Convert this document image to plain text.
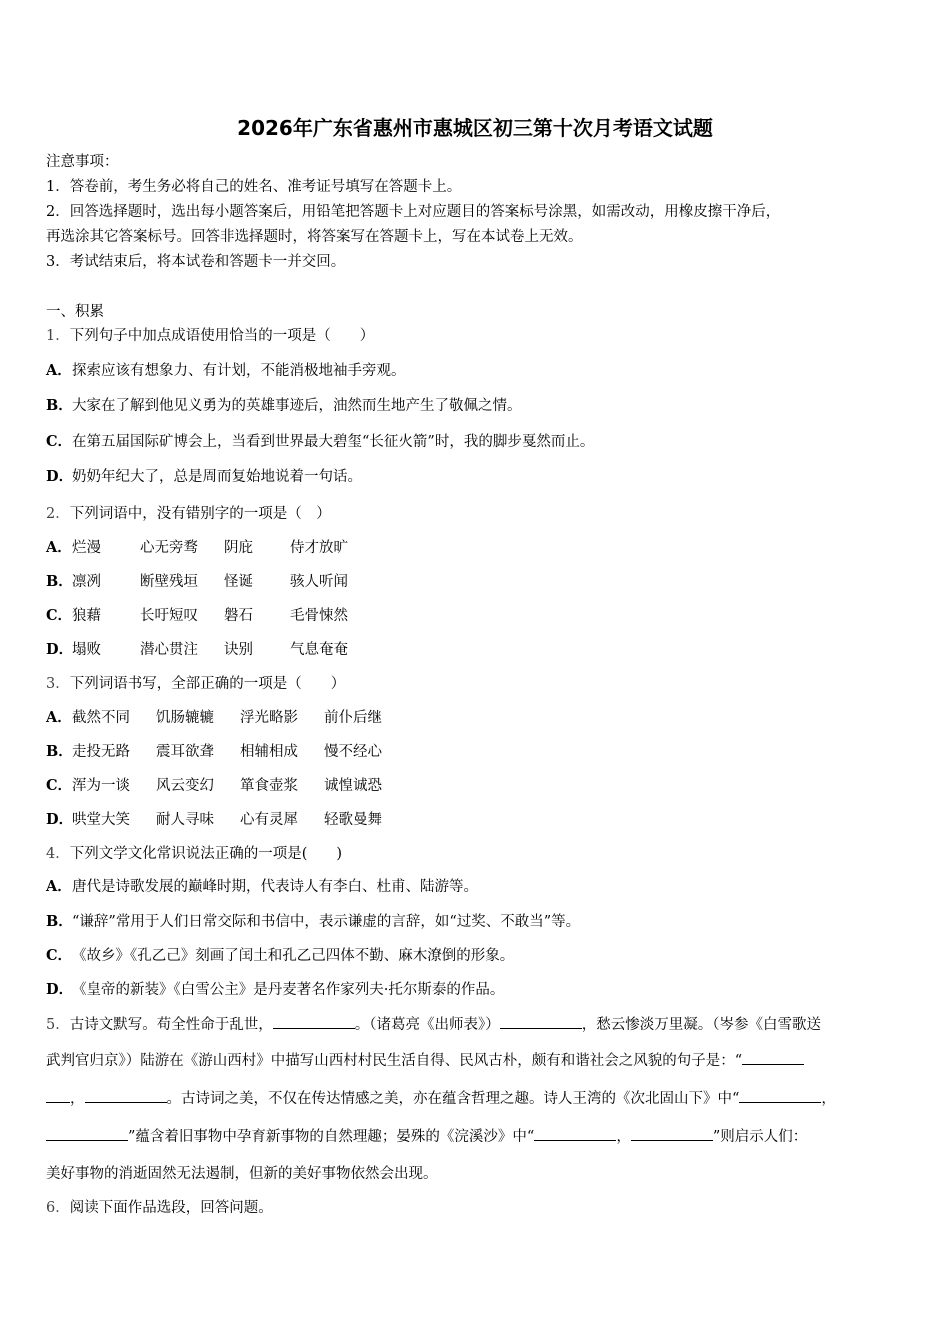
2026年广东省惠州市惠城区初三第十次月考语文试题
注意事项：
1．答卷前，考生务必将自己的姓名、准考证号填写在答题卡上。
2．回答选择题时，选出每小题答案后，用铅笔把答题卡上对应题目的答案标号涂黑，如需改动，用橡皮擦干净后，
再选涂其它答案标号。回答非选择题时，将答案写在答题卡上，写在本试卷上无效。
3．考试结束后，将本试卷和答题卡一并交回。
一、积累
1．下列句子中加点成语使用恰当的一项是（　　）
A．探索应该有想象力、有计划，不能消极地袖手旁观。
B．大家在了解到他见义勇为的英雄事迹后，油然而生地产生了敬佩之情。
C．在第五届国际矿博会上，当看到世界最大碧玺“长征火箭”时，我的脚步戛然而止。
D．奶奶年纪大了，总是周而复始地说着一句话。
2．下列词语中，没有错别字的一项是（　）
A．烂漫	心无旁骛 阴庇	侍才放旷
B．凛冽	断壁残垣 怪诞	骇人听闻
C．狼藉	长吁短叹 磐石	毛骨悚然
D．塌败	潜心贯注 诀别	气息奄奄
3．下列词语书写，全部正确的一项是（　　）
A．截然不同 饥肠辘辘 浮光略影 前仆后继
B．走投无路 震耳欲聋 相辅相成 慢不经心
C．浑为一谈 风云变幻 箪食壶浆 诚惶诚恐
D．哄堂大笑 耐人寻味 心有灵犀 轻歌曼舞
4．下列文学文化常识说法正确的一项是(　　)
A．唐代是诗歌发展的巅峰时期，代表诗人有李白、杜甫、陆游等。
B．“谦辞”常用于人们日常交际和书信中，表示谦虚的言辞，如“过奖、不敢当”等。
C．《故乡》《孔乙己》刻画了闰土和孔乙己四体不勤、麻木潦倒的形象。
D．《皇帝的新装》《白雪公主》是丹麦著名作家列夫·托尔斯泰的作品。
5．古诗文默写。苟全性命于乱世，	。（诸葛亮《出师表》）	，愁云惨淡万里凝。（岑参《白雪歌送
武判官归京》）陆游在《游山西村》中描写山西村村民生活自得、民风古朴，颇有和谐社会之风貌的句子是：“
，	。古诗词之美，不仅在传达情感之美，亦在蕴含哲理之趣。诗人王湾的《次北固山下》中“	，
”蕴含着旧事物中孕育新事物的自然理趣；晏殊的《浣溪沙》中“	，	”则启示人们：
美好事物的消逝固然无法遏制，但新的美好事物依然会出现。
6．阅读下面作品选段，回答问题。
